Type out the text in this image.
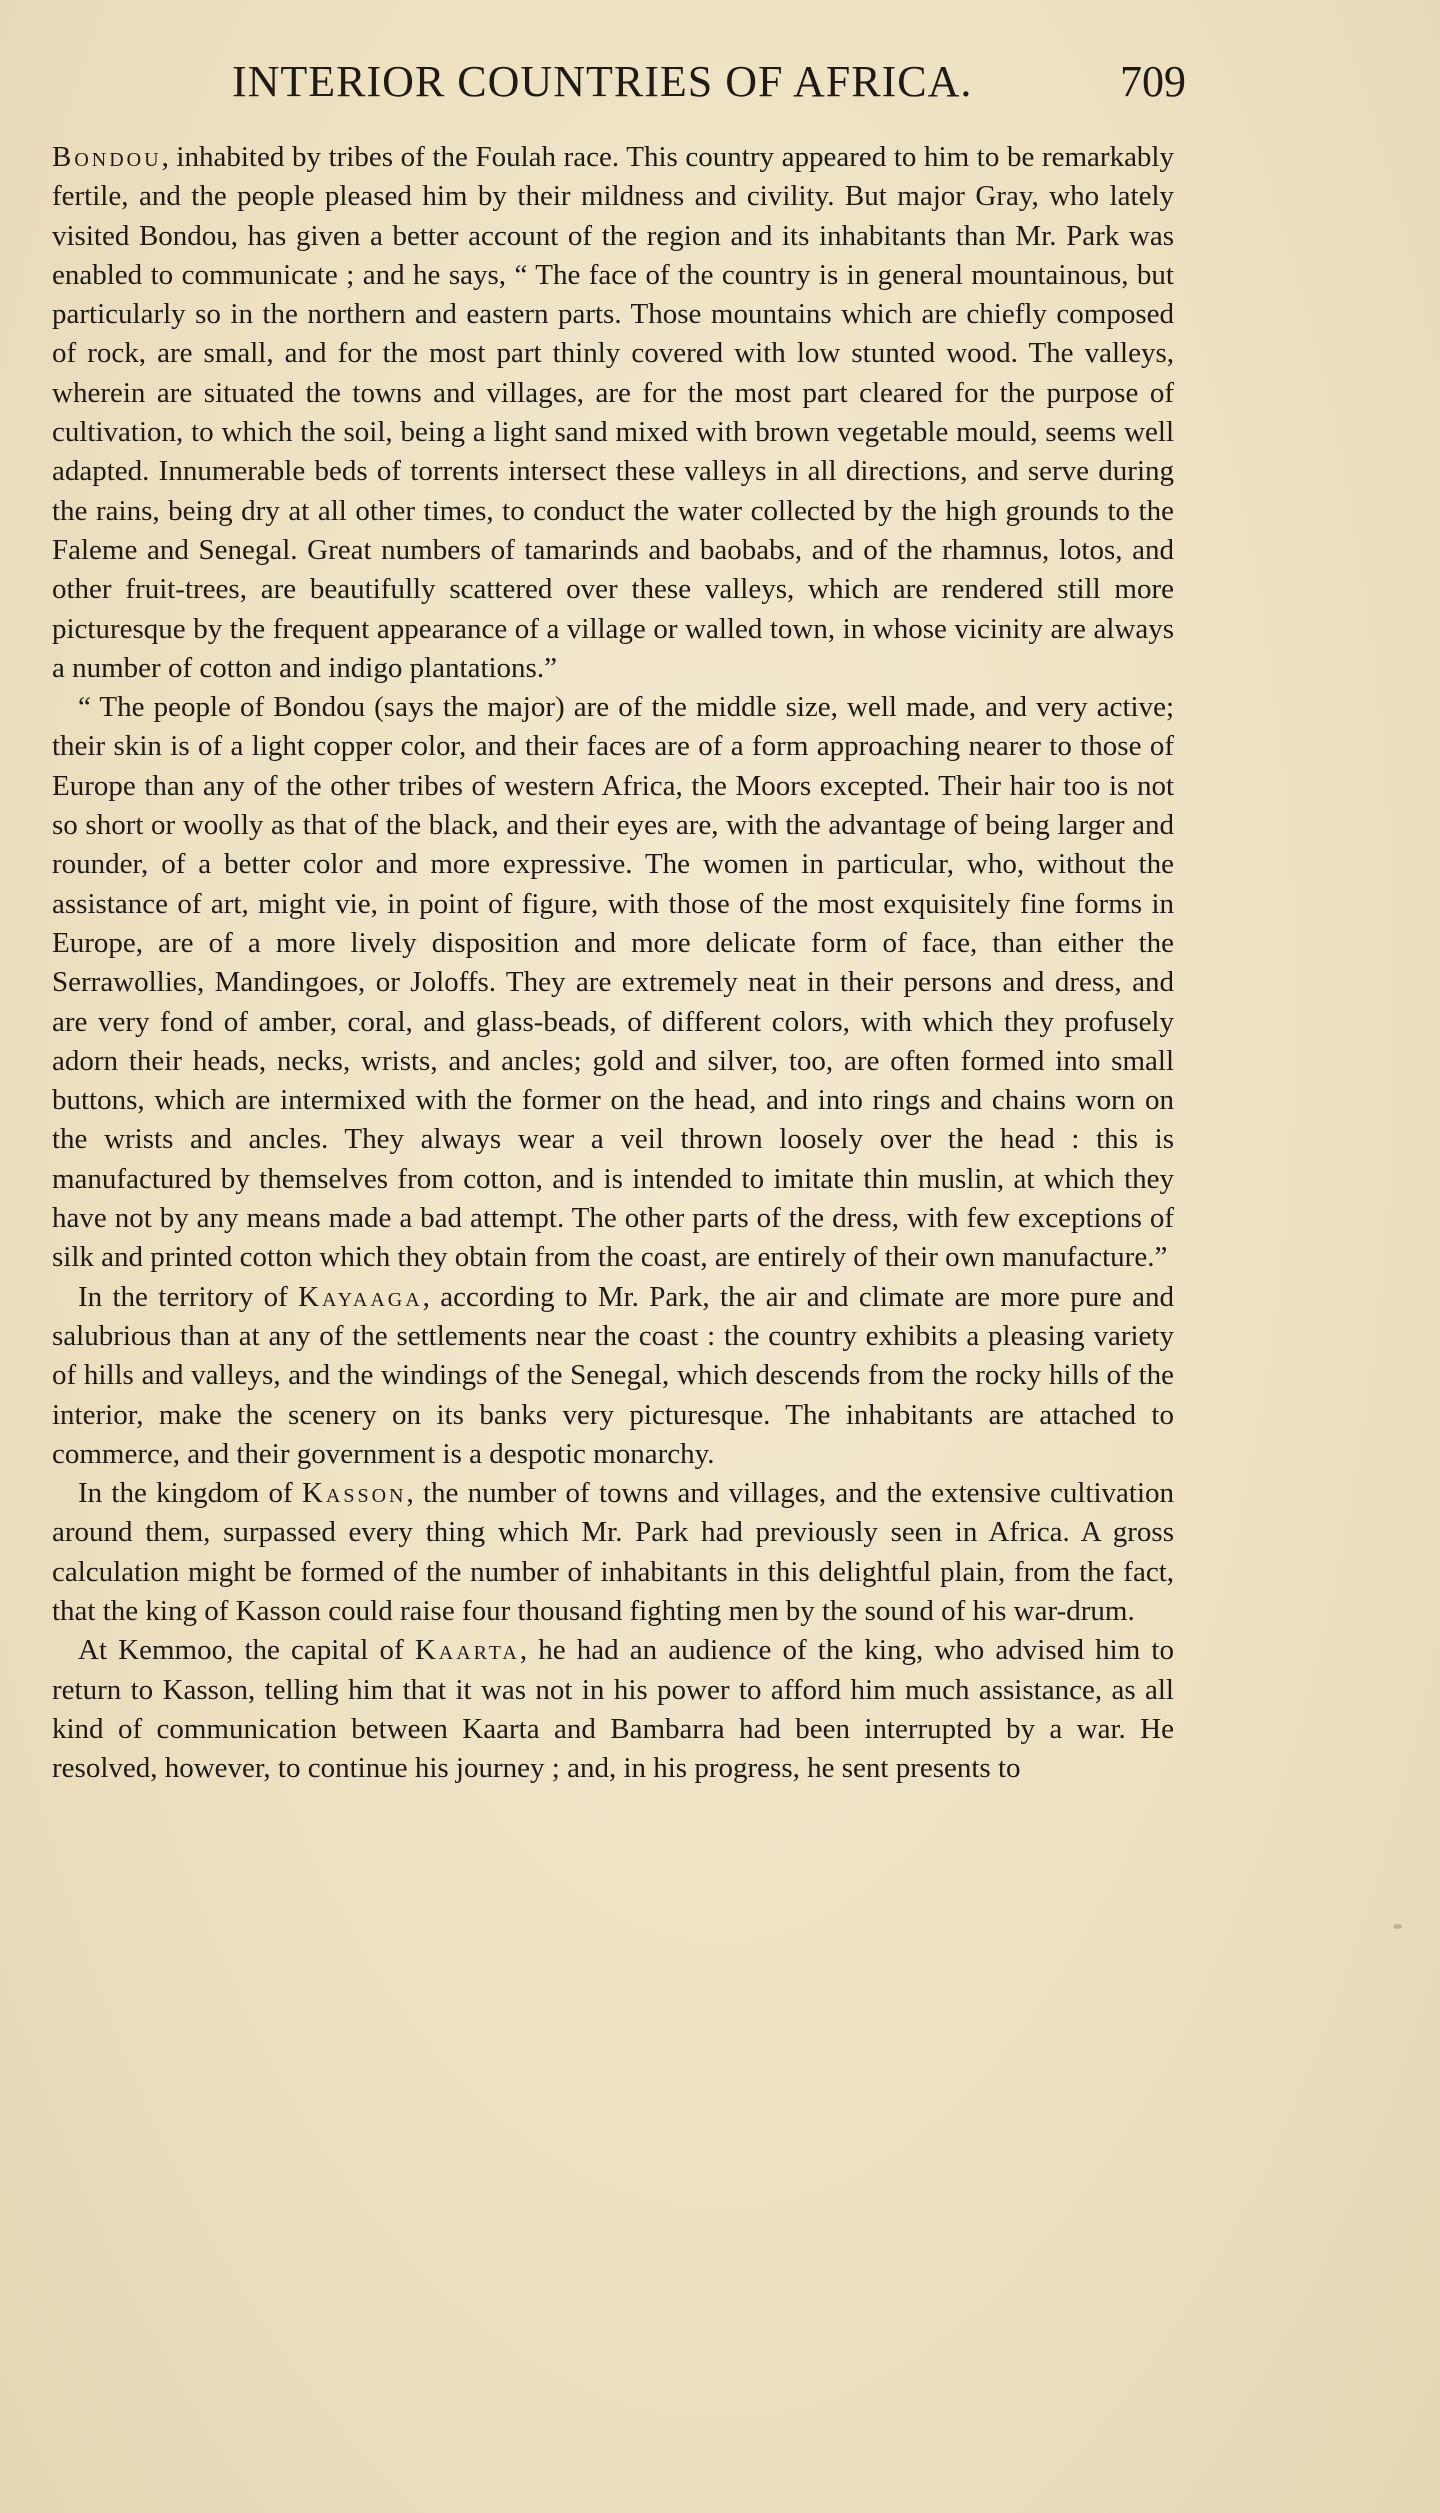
INTERIOR COUNTRIES OF AFRICA.	709

Bondou, inhabited by tribes of the Foulah race. This country appeared to him to be remarkably fertile, and the people pleased him by their mildness and civility. But major Gray, who lately visited Bondou, has given a better account of the region and its inhabitants than Mr. Park was enabled to communicate ; and he says, “ The face of the country is in general mountainous, but particularly so in the northern and eastern parts. Those mountains which are chiefly composed of rock, are small, and for the most part thinly covered with low stunted wood. The valleys, wherein are situated the towns and villages, are for the most part cleared for the purpose of cultivation, to which the soil, being a light sand mixed with brown vegetable mould, seems well adapted. Innumerable beds of torrents intersect these valleys in all directions, and serve during the rains, being dry at all other times, to conduct the water collected by the high grounds to the Faleme and Senegal. Great numbers of tamarinds and baobabs, and of the rhamnus, lotos, and other fruit-trees, are beautifully scattered over these valleys, which are rendered still more picturesque by the frequent appearance of a village or walled town, in whose vicinity are always a number of cotton and indigo plantations.”

“ The people of Bondou (says the major) are of the middle size, well made, and very active; their skin is of a light copper color, and their faces are of a form approaching nearer to those of Europe than any of the other tribes of western Africa, the Moors excepted. Their hair too is not so short or woolly as that of the black, and their eyes are, with the advantage of being larger and rounder, of a better color and more expressive. The women in particular, who, without the assistance of art, might vie, in point of figure, with those of the most exquisitely fine forms in Europe, are of a more lively disposition and more delicate form of face, than either the Serrawollies, Mandingoes, or Joloffs. They are extremely neat in their persons and dress, and are very fond of amber, coral, and glass-beads, of different colors, with which they profusely adorn their heads, necks, wrists, and ancles; gold and silver, too, are often formed into small buttons, which are intermixed with the former on the head, and into rings and chains worn on the wrists and ancles. They always wear a veil thrown loosely over the head : this is manufactured by themselves from cotton, and is intended to imitate thin muslin, at which they have not by any means made a bad attempt. The other parts of the dress, with few exceptions of silk and printed cotton which they obtain from the coast, are entirely of their own manufacture.”

In the territory of Kayaaga, according to Mr. Park, the air and climate are more pure and salubrious than at any of the settlements near the coast : the country exhibits a pleasing variety of hills and valleys, and the windings of the Senegal, which descends from the rocky hills of the interior, make the scenery on its banks very picturesque. The inhabitants are attached to commerce, and their government is a despotic monarchy.

In the kingdom of Kasson, the number of towns and villages, and the extensive cultivation around them, surpassed every thing which Mr. Park had previously seen in Africa. A gross calculation might be formed of the number of inhabitants in this delightful plain, from the fact, that the king of Kasson could raise four thousand fighting men by the sound of his war-drum.

At Kemmoo, the capital of Kaarta, he had an audience of the king, who advised him to return to Kasson, telling him that it was not in his power to afford him much assistance, as all kind of communication between Kaarta and Bambarra had been interrupted by a war. He resolved, however, to continue his journey ; and, in his progress, he sent presents to
